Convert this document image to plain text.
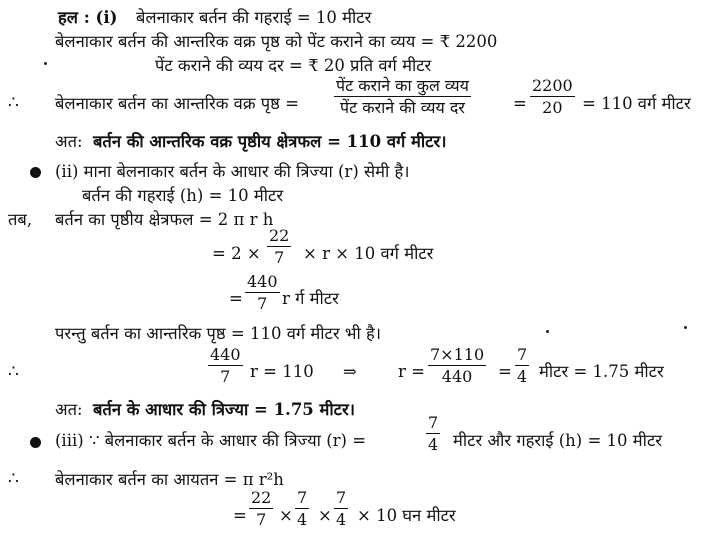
हल : (i) बेलनाकार बर्तन की गहराई = 10 मीटर
बेलनाकार बर्तन की आन्तरिक वक्र पृष्ठ को पेंट कराने का व्यय = ₹ 2200
पेंट कराने की व्यय दर = ₹ 20 प्रति वर्ग मीटर
∴ बेलनाकार बर्तन का आन्तरिक वक्र पृष्ठ =
पेंट कराने का कुल व्यय
पेंट कराने की व्यय दर	=
2200
20	= 110 वर्ग मीटर
अत: बर्तन की आन्तरिक वक्र पृष्ठीय क्षेत्रफल = 110 वर्ग मीटर।
(ii) माना बेलनाकार बर्तन के आधार की त्रिज्या (r) सेमी है।
बर्तन की गहराई (h) = 10 मीटर
तब, बर्तन का पृष्ठीय क्षेत्रफल = 2 π r h
= 2 ×
22
7	× r × 10 वर्ग मीटर
=
440
7 r र्ग मीटर
परन्तु बर्तन का आन्तरिक पृष्ठ = 110 वर्ग मीटर भी है।
∴
440
7	r = 110 ⇒ r =
7×110
440	=
7
4 मीटर = 1.75 मीटर
अत: बर्तन के आधार की त्रिज्या = 1.75 मीटर।
(iii) ∵ बेलनाकार बर्तन के आधार की त्रिज्या (r) =
7
4 मीटर और गहराई (h) = 10 मीटर
∴ बेलनाकार बर्तन का आयतन = π r²h
=
22
7 ×
7
4 ×
7
4 × 10 घन मीटर
